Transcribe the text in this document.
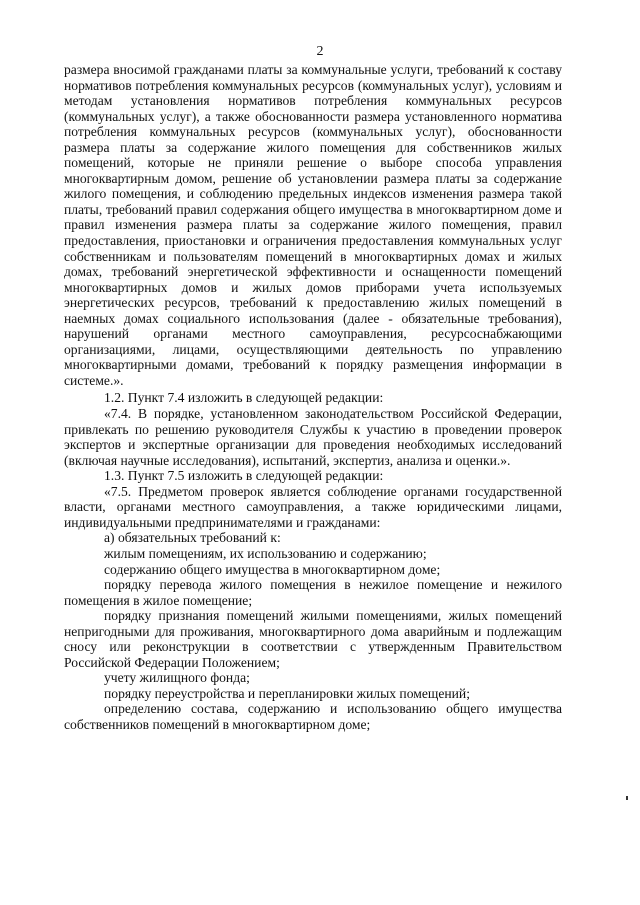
2

размера вносимой гражданами платы за коммунальные услуги, требований к составу нормативов потребления коммунальных ресурсов (коммунальных услуг), условиям и методам установления нормативов потребления коммунальных ресурсов (коммунальных услуг), а также обоснованности размера установленного норматива потребления коммунальных ресурсов (коммунальных услуг), обоснованности размера платы за содержание жилого помещения для собственников жилых помещений, которые не приняли решение о выборе способа управления многоквартирным домом, решение об установлении размера платы за содержание жилого помещения, и соблюдению предельных индексов изменения размера такой платы, требований правил содержания общего имущества в многоквартирном доме и правил изменения размера платы за содержание жилого помещения, правил предоставления, приостановки и ограничения предоставления коммунальных услуг собственникам и пользователям помещений в многоквартирных домах и жилых домах, требований энергетической эффективности и оснащенности помещений многоквартирных домов и жилых домов приборами учета используемых энергетических ресурсов, требований к предоставлению жилых помещений в наемных домах социального использования (далее - обязательные требования), нарушений органами местного самоуправления, ресурсоснабжающими организациями, лицами, осуществляющими деятельность по управлению многоквартирными домами, требований к порядку размещения информации в системе.».

1.2. Пункт 7.4 изложить в следующей редакции:

«7.4. В порядке, установленном законодательством Российской Федерации, привлекать по решению руководителя Службы к участию в проведении проверок экспертов и экспертные организации для проведения необходимых исследований (включая научные исследования), испытаний, экспертиз, анализа и оценки.».

1.3. Пункт 7.5 изложить в следующей редакции:

«7.5. Предметом проверок является соблюдение органами государственной власти, органами местного самоуправления, а также юридическими лицами, индивидуальными предпринимателями и гражданами:

а) обязательных требований к:

жилым помещениям, их использованию и содержанию;

содержанию общего имущества в многоквартирном доме;

порядку перевода жилого помещения в нежилое помещение и нежилого помещения в жилое помещение;

порядку признания помещений жилыми помещениями, жилых помещений непригодными для проживания, многоквартирного дома аварийным и подлежащим сносу или реконструкции в соответствии с утвержденным Правительством Российской Федерации Положением;

учету жилищного фонда;

порядку переустройства и перепланировки жилых помещений;

определению состава, содержанию и использованию общего имущества собственников помещений в многоквартирном доме;
